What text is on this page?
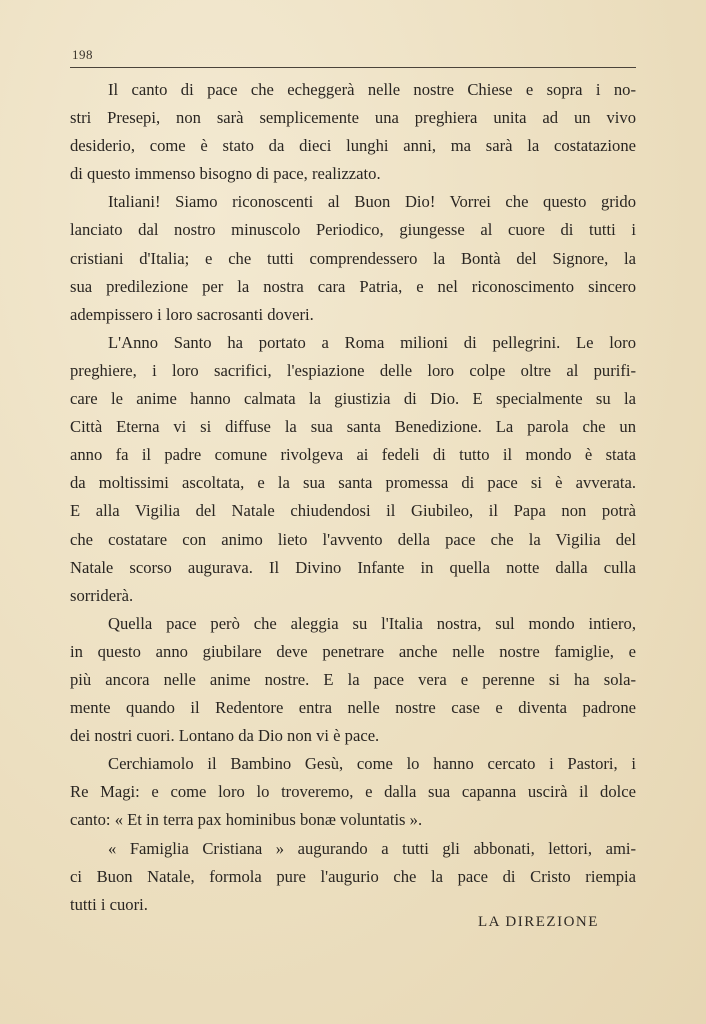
198
Il canto di pace che echeggerà nelle nostre Chiese e sopra i no-
stri Presepi, non sarà semplicemente una preghiera unita ad un vivo
desiderio, come è stato da dieci lunghi anni, ma sarà la costatazione
di questo immenso bisogno di pace, realizzato.
Italiani! Siamo riconoscenti al Buon Dio! Vorrei che questo grido
lanciato dal nostro minuscolo Periodico, giungesse al cuore di tutti i
cristiani d'Italia; e che tutti comprendessero la Bontà del Signore, la
sua predilezione per la nostra cara Patria, e nel riconoscimento sincero
adempissero i loro sacrosanti doveri.
L'Anno Santo ha portato a Roma milioni di pellegrini. Le loro
preghiere, i loro sacrifici, l'espiazione delle loro colpe oltre al purifi-
care le anime hanno calmata la giustizia di Dio. E specialmente su la
Città Eterna vi si diffuse la sua santa Benedizione. La parola che un
anno fa il padre comune rivolgeva ai fedeli di tutto il mondo è stata
da moltissimi ascoltata, e la sua santa promessa di pace si è avverata.
E alla Vigilia del Natale chiudendosi il Giubileo, il Papa non potrà
che costatare con animo lieto l'avvento della pace che la Vigilia del
Natale scorso augurava. Il Divino Infante in quella notte dalla culla
sorriderà.
Quella pace però che aleggia su l'Italia nostra, sul mondo intiero,
in questo anno giubilare deve penetrare anche nelle nostre famiglie, e
più ancora nelle anime nostre. E la pace vera e perenne si ha sola-
mente quando il Redentore entra nelle nostre case e diventa padrone
dei nostri cuori. Lontano da Dio non vi è pace.
Cerchiamolo il Bambino Gesù, come lo hanno cercato i Pastori, i
Re Magi: e come loro lo troveremo, e dalla sua capanna uscirà il dolce
canto: « Et in terra pax hominibus bonæ voluntatis ».
« Famiglia Cristiana » augurando a tutti gli abbonati, lettori, ami-
ci Buon Natale, formola pure l'augurio che la pace di Cristo riempia
tutti i cuori.
LA DIREZIONE
